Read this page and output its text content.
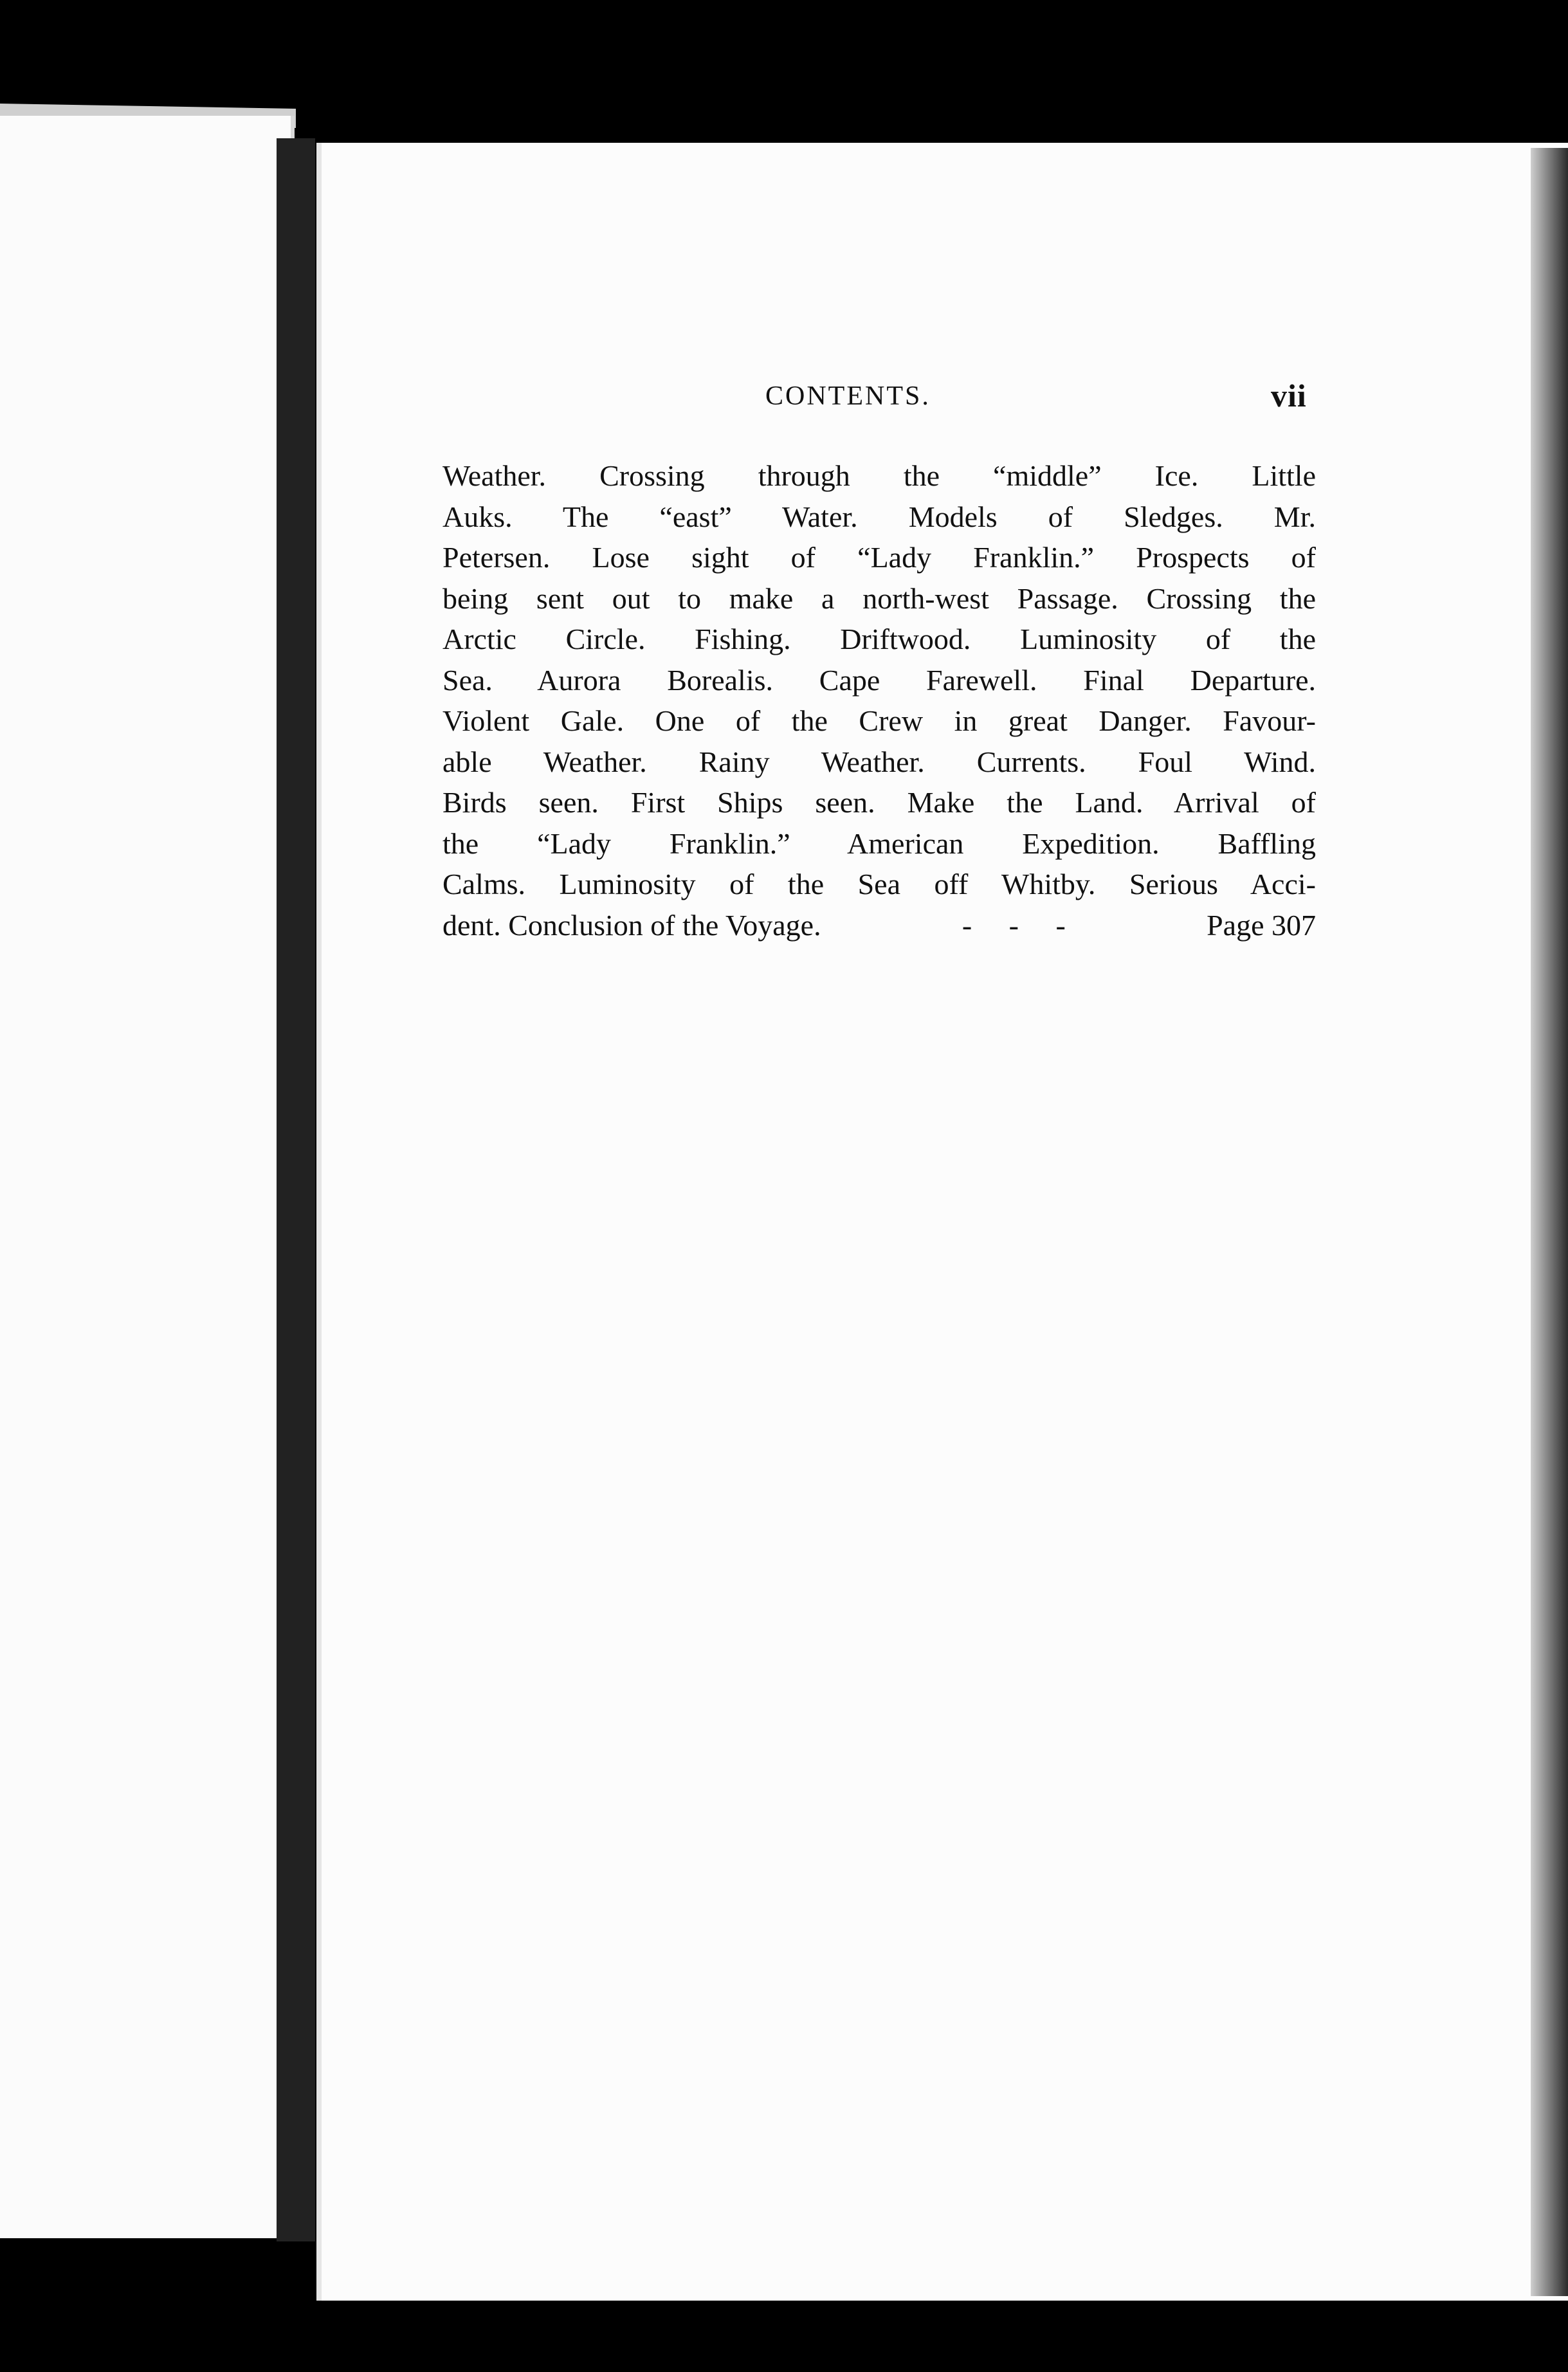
CONTENTS.	vii
Weather. Crossing through the “middle” Ice. Little
Auks. The “east” Water. Models of Sledges. Mr.
Petersen. Lose sight of “Lady Franklin.” Prospects of
being sent out to make a north-west Passage. Crossing the
Arctic Circle. Fishing. Driftwood. Luminosity of the
Sea. Aurora Borealis. Cape Farewell. Final Departure.
Violent Gale. One of the Crew in great Danger. Favour-
able Weather. Rainy Weather. Currents. Foul Wind.
Birds seen. First Ships seen. Make the Land. Arrival of
the “Lady Franklin.” American Expedition. Baffling
Calms. Luminosity of the Sea off Whitby. Serious Acci-
dent. Conclusion of the Voyage.	-     -     -	Page 307
